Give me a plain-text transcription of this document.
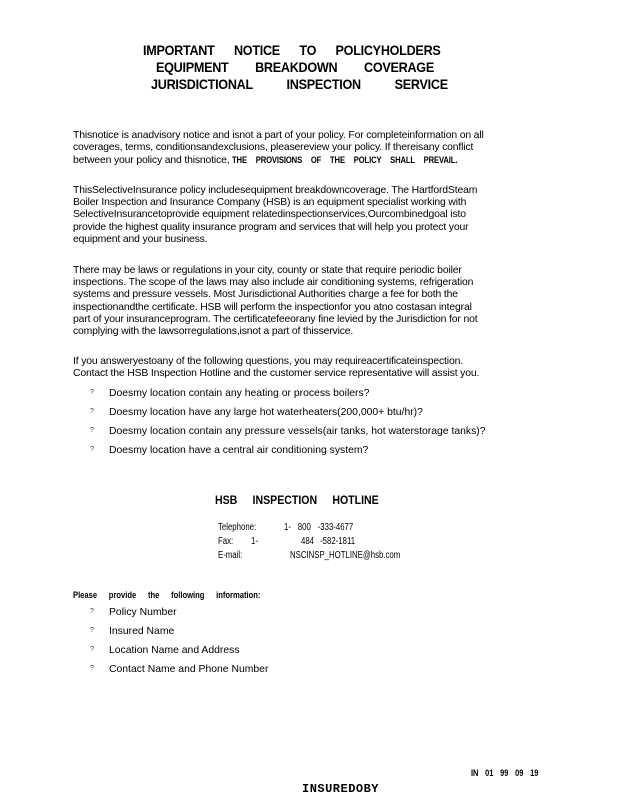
IMPORTANT NOTICE TO POLICYHOLDERS
EQUIPMENT BREAKDOWN COVERAGE
JURISDICTIONAL INSPECTION SERVICE

Thisnotice is anadvisory notice and isnot a part of your policy. For completeinformation on all

coverages, terms, conditionsandexclusions, pleasereview your policy. If thereisany conflict

between your policy and thisnotice, THE PROVISIONS OF THE POLICY SHALL PREVAIL.

ThisSelectiveInsurance policy includesequipment breakdowncoverage. The HartfordSteam

Boiler Inspection and Insurance Company (HSB) is an equipment specialist working with

SelectiveInsurancetoprovide equipment relatedinspectionservices.Ourcombinedgoal isto

provide the highest quality insurance program and services that will help you protect your

equipment and your business.

There may be laws or regulations in your city, county or state that require periodic boiler

inspections. The scope of the laws may also include air conditioning systems, refrigeration

systems and pressure vessels. Most Jurisdictional Authorities charge a fee for both the

inspectionandthe certificate. HSB will perform the inspectionfor you atno costasan integral

part of your insuranceprogram. The certificatefeeorany fine levied by the Jurisdiction for not

complying with the lawsorregulations,isnot a part of thisservice.

If you answeryestoany of the following questions, you may requireacertificateinspection.

Contact the HSB Inspection Hotline and the customer service representative will assist you.

? Doesmy location contain any heating or process boilers?
? Doesmy location have any large hot waterheaters(200,000+ btu/hr)?
? Doesmy location contain any pressure vessels(air tanks, hot waterstorage tanks)?
? Doesmy location have a central air conditioning system?
HSB INSPECTION HOTLINE
Telephone:	1- 800 -333-4677
Fax: 1-	484 -582-1811
E-mail:	NSCINSP_HOTLINE@hsb.com
Please provide the following information:
? Policy Number
? Insured Name
? Location Name and Address
? Contact Name and Phone Number
IN 01 99 09 19
INSUREDOBY
